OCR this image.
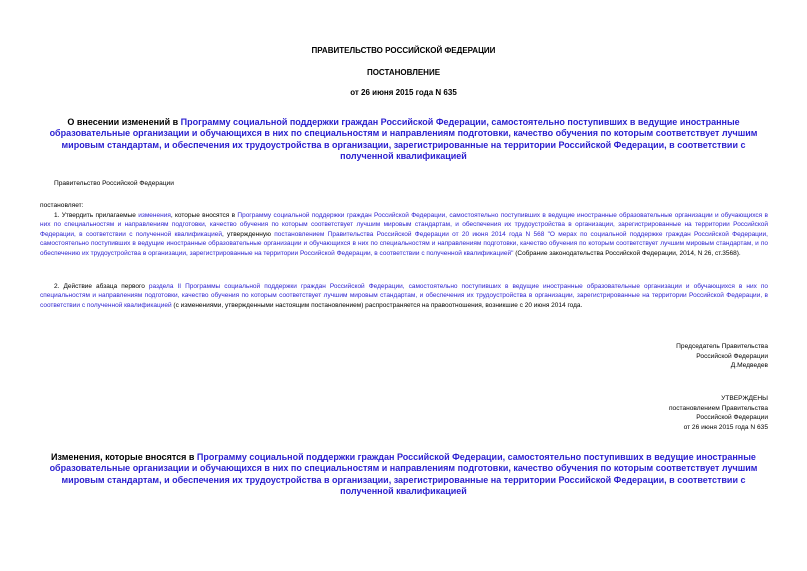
ПРАВИТЕЛЬСТВО РОССИЙСКОЙ ФЕДЕРАЦИИ
ПОСТАНОВЛЕНИЕ
от 26 июня 2015 года N 635
О внесении изменений в Программу социальной поддержки граждан Российской Федерации, самостоятельно поступивших в ведущие иностранные образовательные организации и обучающихся в них по специальностям и направлениям подготовки, качество обучения по которым соответствует лучшим мировым стандартам, и обеспечения их трудоустройства в организации, зарегистрированные на территории Российской Федерации, в соответствии с полученной квалификацией
Правительство Российской Федерации
постановляет:
1. Утвердить прилагаемые изменения, которые вносятся в Программу социальной поддержки граждан Российской Федерации, самостоятельно поступивших в ведущие иностранные образовательные организации и обучающихся в них по специальностям и направлениям подготовки, качество обучения по которым соответствует лучшим мировым стандартам, и обеспечения их трудоустройства в организации, зарегистрированные на территории Российской Федерации, в соответствии с полученной квалификацией, утвержденную постановлением Правительства Российской Федерации от 20 июня 2014 года N 568 "О мерах по социальной поддержке граждан Российской Федерации, самостоятельно поступивших в ведущие иностранные образовательные организации и обучающихся в них по специальностям и направлениям подготовки, качество обучения по которым соответствует лучшим мировым стандартам, и по обеспечению их трудоустройства в организации, зарегистрированные на территории Российской Федерации, в соответствии с полученной квалификацией" (Собрание законодательства Российской Федерации, 2014, N 26, ст.3568).
2. Действие абзаца первого раздела II Программы социальной поддержки граждан Российской Федерации, самостоятельно поступивших в ведущие иностранные образовательные организации и обучающихся в них по специальностям и направлениям подготовки, качество обучения по которым соответствует лучшим мировым стандартам, и обеспечения их трудоустройства в организации, зарегистрированные на территории Российской Федерации, в соответствии с полученной квалификацией (с изменениями, утвержденными настоящим постановлением) распространяется на правоотношения, возникшие с 20 июня 2014 года.
Председатель Правительства
Российской Федерации
Д.Медведев
УТВЕРЖДЕНЫ
постановлением Правительства
Российской Федерации
от 26 июня 2015 года N 635
Изменения, которые вносятся в Программу социальной поддержки граждан Российской Федерации, самостоятельно поступивших в ведущие иностранные образовательные организации и обучающихся в них по специальностям и направлениям подготовки, качество обучения по которым соответствует лучшим мировым стандартам, и обеспечения их трудоустройства в организации, зарегистрированные на территории Российской Федерации, в соответствии с полученной квалификацией
